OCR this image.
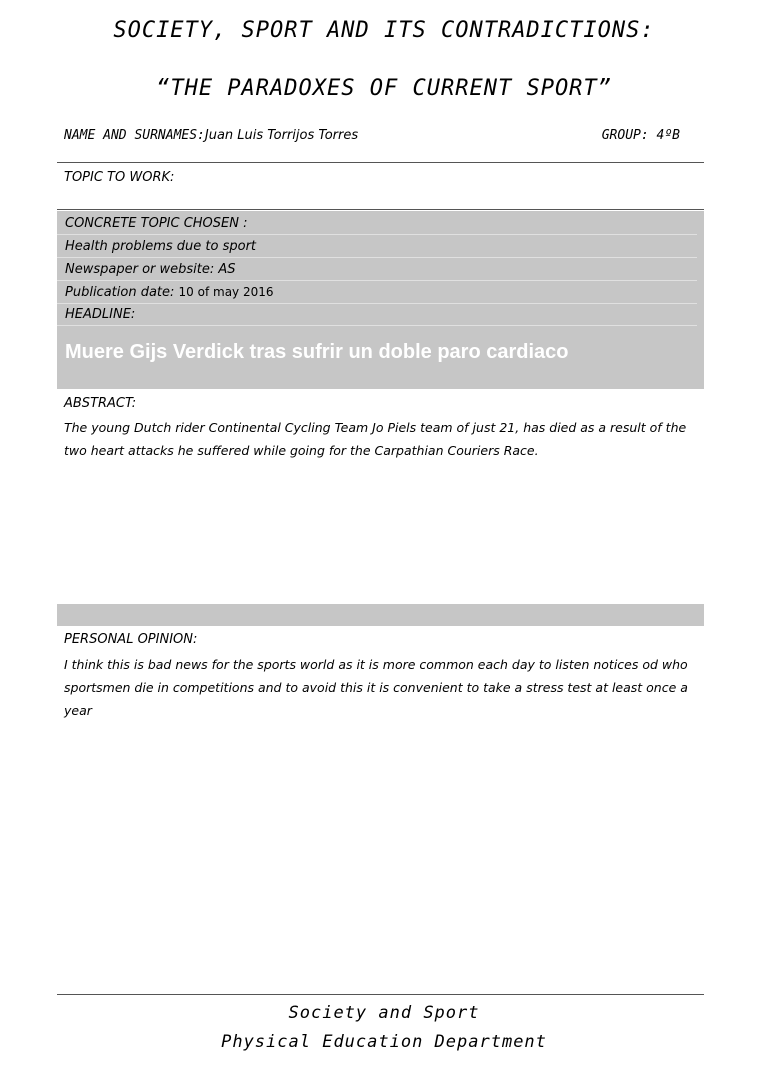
SOCIETY, SPORT AND ITS CONTRADICTIONS:
“THE PARADOXES OF CURRENT SPORT”
NAME AND SURNAMES:Juan Luis Torrijos Torres	GROUP: 4ºB
TOPIC TO WORK:
CONCRETE TOPIC CHOSEN :
Health problems due to sport
Newspaper or website: AS
Publication date: 10 of may 2016
HEADLINE:
Muere Gijs Verdick tras sufrir un doble paro cardiaco
ABSTRACT:
The young Dutch rider Continental Cycling Team Jo Piels team of just 21, has died as a result of the two heart attacks he suffered while going for the Carpathian Couriers Race.
PERSONAL OPINION:
I think this is bad news for the sports world as it is more common each day to listen notices od who sportsmen die in competitions and to avoid this it is convenient to take a stress test at least once a year
Society and Sport
Physical Education Department
